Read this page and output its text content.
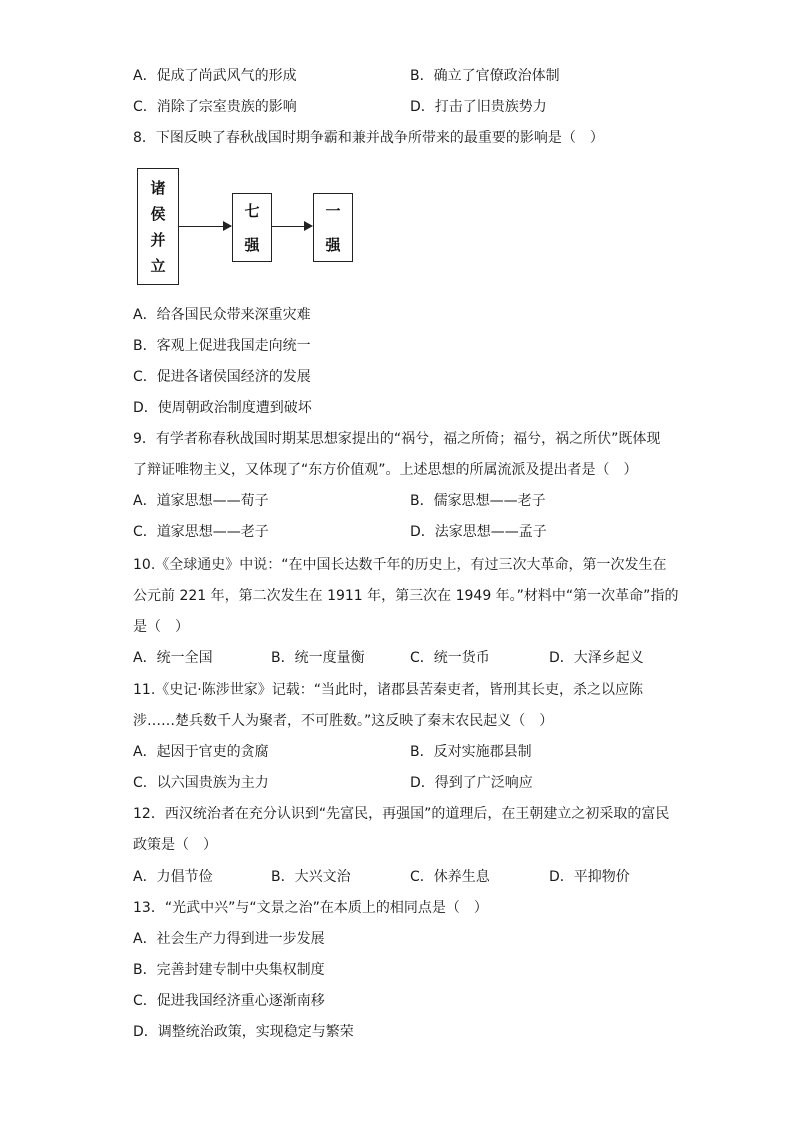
A．促成了尚武风气的形成	B．确立了官僚政治体制
C．消除了宗室贵族的影响	D．打击了旧贵族势力
8．下图反映了春秋战国时期争霸和兼并战争所带来的最重要的影响是（　）
诸
侯
并
立
七
强
一
强
A．给各国民众带来深重灾难
B．客观上促进我国走向统一
C．促进各诸侯国经济的发展
D．使周朝政治制度遭到破坏
9．有学者称春秋战国时期某思想家提出的“祸兮，福之所倚；福兮，祸之所伏”既体现
了辩证唯物主义，又体现了“东方价值观”。上述思想的所属流派及提出者是（　）
A．道家思想——荀子	B．儒家思想——老子
C．道家思想——老子	D．法家思想——孟子
10.《全球通史》中说：“在中国长达数千年的历史上，有过三次大革命，第一次发生在
公元前 221 年，第二次发生在 1911 年，第三次在 1949 年。”材料中“第一次革命”指的
是（　）
A．统一全国	B．统一度量衡	C．统一货币	D．大泽乡起义
11.《史记·陈涉世家》记载：“当此时，诸郡县苦秦吏者，皆刑其长吏，杀之以应陈
涉……楚兵数千人为聚者，不可胜数。”这反映了秦末农民起义（　）
A．起因于官吏的贪腐	B．反对实施郡县制
C．以六国贵族为主力	D．得到了广泛响应
12．西汉统治者在充分认识到“先富民，再强国”的道理后，在王朝建立之初采取的富民
政策是（　）
A．力倡节俭	B．大兴文治	C．休养生息	D．平抑物价
13．“光武中兴”与“文景之治”在本质上的相同点是（　）
A．社会生产力得到进一步发展
B．完善封建专制中央集权制度
C．促进我国经济重心逐渐南移
D．调整统治政策，实现稳定与繁荣
